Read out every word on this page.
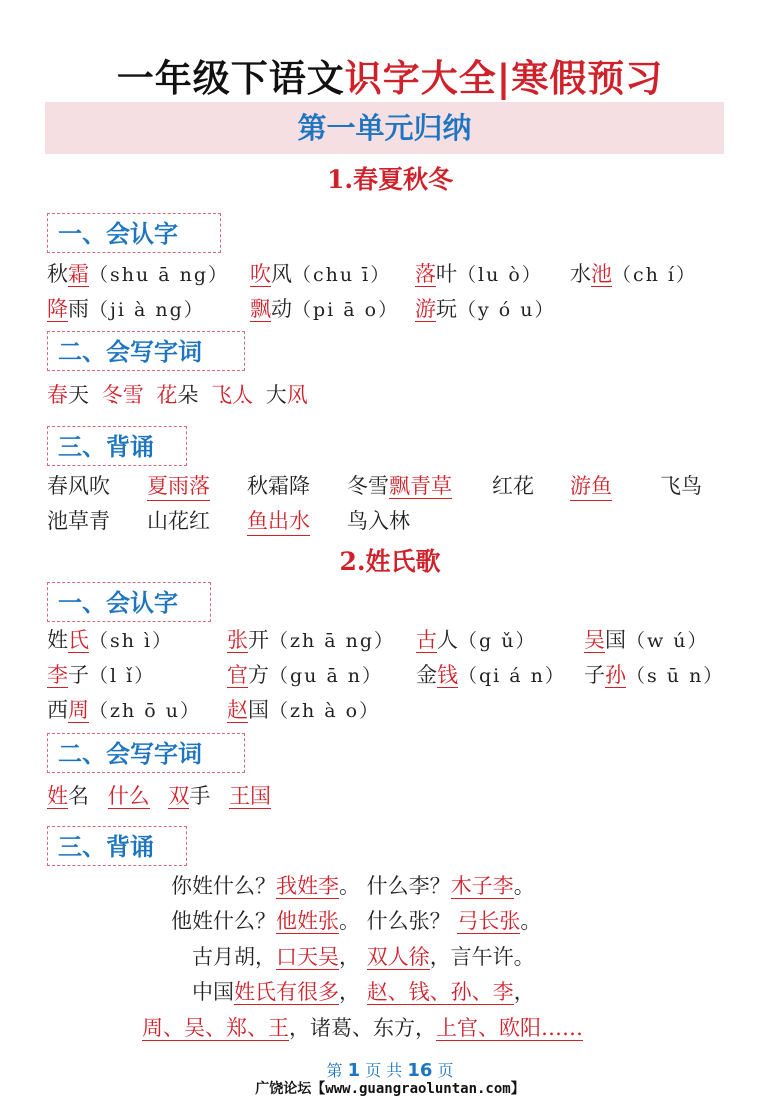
一年级下语文识字大全|寒假预习
第一单元归纳
1.春夏秋冬
一、会认字
秋霜（shu ā ng） 吹风（chu ī） 落叶（lu ò） 水池（ch í）
降雨（ji à ng） 飘动（pi ā o） 游玩（y ó u）
二、会写字词
春天 冬雪 花朵 飞人 大风
三、背诵
春风吹 夏雨落 秋霜降 冬雪飘青草 红花 游鱼 飞鸟
池草青 山花红 鱼出水 鸟入林
2.姓氏歌
一、会认字
姓氏（sh ì）	张开（zh ā ng） 古人（g ǔ） 吴国（w ú）
李子（l ǐ）	官方（gu ā n） 金钱（qi á n） 子孙（s ū n）
西周（zh ō u） 赵国（zh à o）
二、会写字词
姓名 什么 双手 王国
三、背诵
你姓什么？我姓李。 什么李？木子李。
他姓什么？他姓张。 什么张？ 弓长张。
古月胡，口天吴， 双人徐，言午许。
中国姓氏有很多， 赵、钱、孙、李，
周、吴、郑、王，诸葛、东方，上官、欧阳……
第 1 页 共 16 页
广饶论坛【www.guangraoluntan.com】
